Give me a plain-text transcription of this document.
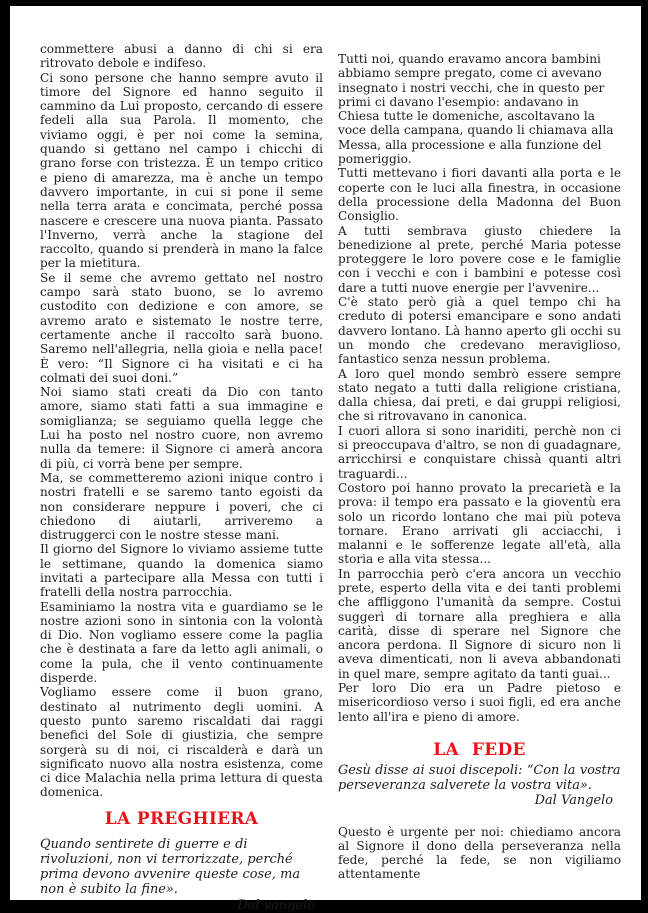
commettere abusi a danno di chi si era ritrovato debole e indifeso.

Ci sono persone che hanno sempre avuto il timore del Signore ed hanno seguito il cammino da Lui proposto, cercando di essere fedeli alla sua Parola. Il momento, che viviamo oggi, è per noi come la semina, quando si gettano nel campo i chicchi di grano forse con tristezza. È un tempo critico e pieno di amarezza, ma è anche un tempo davvero importante, in cui si pone il seme nella terra arata e concimata, perché possa nascere e crescere una nuova pianta. Passato l'Inverno, verrà anche la stagione del raccolto, quando si prenderà in mano la falce per la mietitura.

Se il seme che avremo gettato nel nostro campo sarà stato buono, se lo avremo custodito con dedizione e con amore, se avremo arato e sistemato le nostre terre, certamente anche il raccolto sarà buono. Saremo nell'allegria, nella gioia e nella pace! È vero: “Il Signore ci ha visitati e ci ha colmati dei suoi doni.”

Noi siamo stati creati da Dio con tanto amore, siamo stati fatti a sua immagine e somiglianza; se seguiamo quella legge che Lui ha posto nel nostro cuore, non avremo nulla da temere: il Signore ci amerà ancora di più, ci vorrà bene per sempre.

Ma, se commetteremo azioni inique contro i nostri fratelli e se saremo tanto egoisti da non considerare neppure i poveri, che ci chiedono di aiutarli, arriveremo a distruggerci con le nostre stesse mani.

Il giorno del Signore lo viviamo assieme tutte le settimane, quando la domenica siamo invitati a partecipare alla Messa con tutti i fratelli della nostra parrocchia.

Esaminiamo la nostra vita e guardiamo se le nostre azioni sono in sintonia con la volontà di Dio. Non vogliamo essere come la paglia che è destinata a fare da letto agli animali, o come la pula, che il vento continuamente disperde.

Vogliamo essere come il buon grano, destinato al nutrimento degli uomini. A questo punto saremo riscaldati dai raggi benefici del Sole di giustizia, che sempre sorgerà su di noi, ci riscalderà e darà un significato nuovo alla nostra esistenza, come ci dice Malachia nella prima lettura di questa domenica.

LA PREGHIERA

Quando sentirete di guerre e di rivoluzioni, non vi terrorizzate, perché prima devono avvenire queste cose, ma non è subito la fine».

Dal vangelo

Tutti noi, quando eravamo ancora bambini abbiamo sempre pregato, come ci avevano insegnato i nostri vecchi, che in questo per primi ci davano l'esempio: andavano in Chiesa tutte le domeniche, ascoltavano la voce della campana, quando li chiamava alla Messa, alla processione e alla funzione del pomeriggio.

Tutti mettevano i fiori davanti alla porta e le coperte con le luci alla finestra, in occasione della processione della Madonna del Buon Consiglio.

A tutti sembrava giusto chiedere la benedizione al prete, perché Maria potesse proteggere le loro povere cose e le famiglie con i vecchi e con i bambini e potesse così dare a tutti nuove energie per l'avvenire...

C'è stato però già a quel tempo chi ha creduto di potersi emancipare e sono andati davvero lontano. Là hanno aperto gli occhi su un mondo che credevano meraviglioso, fantastico senza nessun problema.

A loro quel mondo sembrò essere sempre stato negato a tutti dalla religione cristiana, dalla chiesa, dai preti, e dai gruppi religiosi, che si ritrovavano in canonica.

I cuori allora si sono inariditi, perchè non ci si preoccupava d'altro, se non di guadagnare, arricchirsi e conquistare chissà quanti altri traguardi...

Costoro poi hanno provato la precarietà e la prova: il tempo era passato e la gioventù era solo un ricordo lontano che mai più poteva tornare. Erano arrivati gli acciacchi, i malanni e le sofferenze legate all'età, alla storia e alla vita stessa...

In parrocchia però c'era ancora un vecchio prete, esperto della vita e dei tanti problemi che affliggono l'umanità da sempre. Costui suggerì di tornare alla preghiera e alla carità, disse di sperare nel Signore che ancora perdona. Il Signore di sicuro non li aveva dimenticati, non li aveva abbandonati in quel mare, sempre agitato da tanti guai...

Per loro Dio era un Padre pietoso e misericordioso verso i suoi figli, ed era anche lento all'ira e pieno di amore.

LA  FEDE

Gesù disse ai suoi discepoli: “Con la vostra perseveranza salverete la vostra vita».

Dal Vangelo

Questo è urgente per noi: chiediamo ancora al Signore il dono della perseveranza nella fede, perché la fede, se non vigiliamo attentamente
